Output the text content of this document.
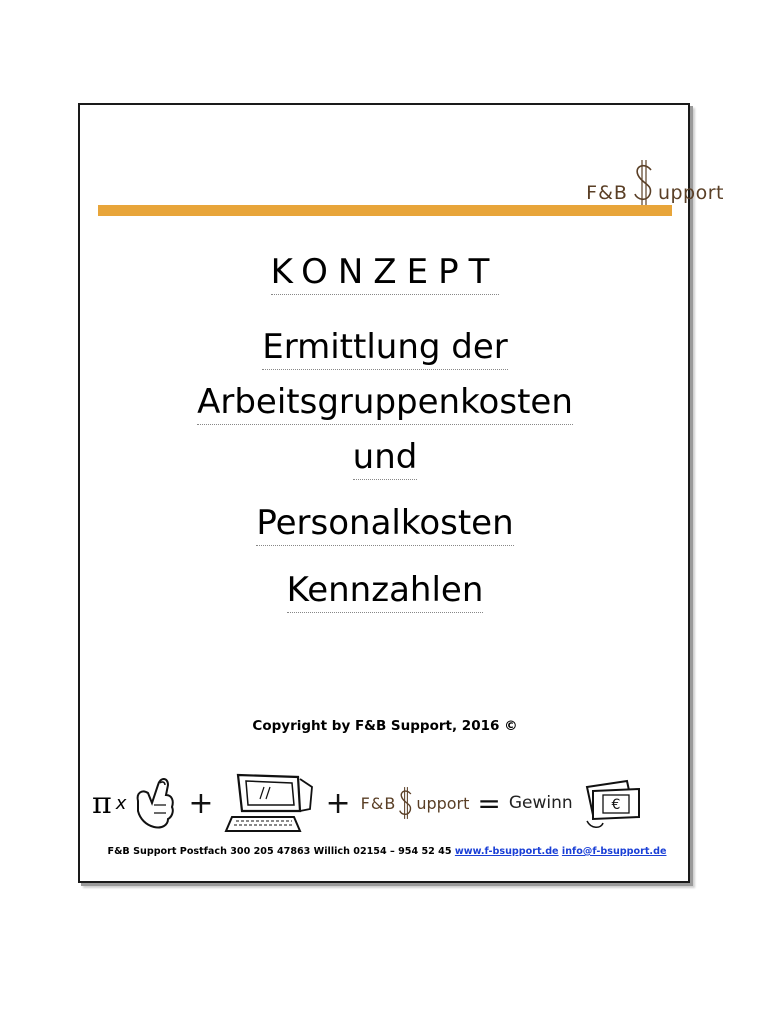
F&B upport
KONZEPT
Ermittlung der
Arbeitsgruppenkosten
und
Personalkosten
Kennzahlen
Copyright by F&B Support, 2016 ©
π x +	+ F&B upport = Gewinn	€
F&B Support Postfach 300 205 47863 Willich 02154 – 954 52 45 www.f-bsupport.de info@f-bsupport.de
